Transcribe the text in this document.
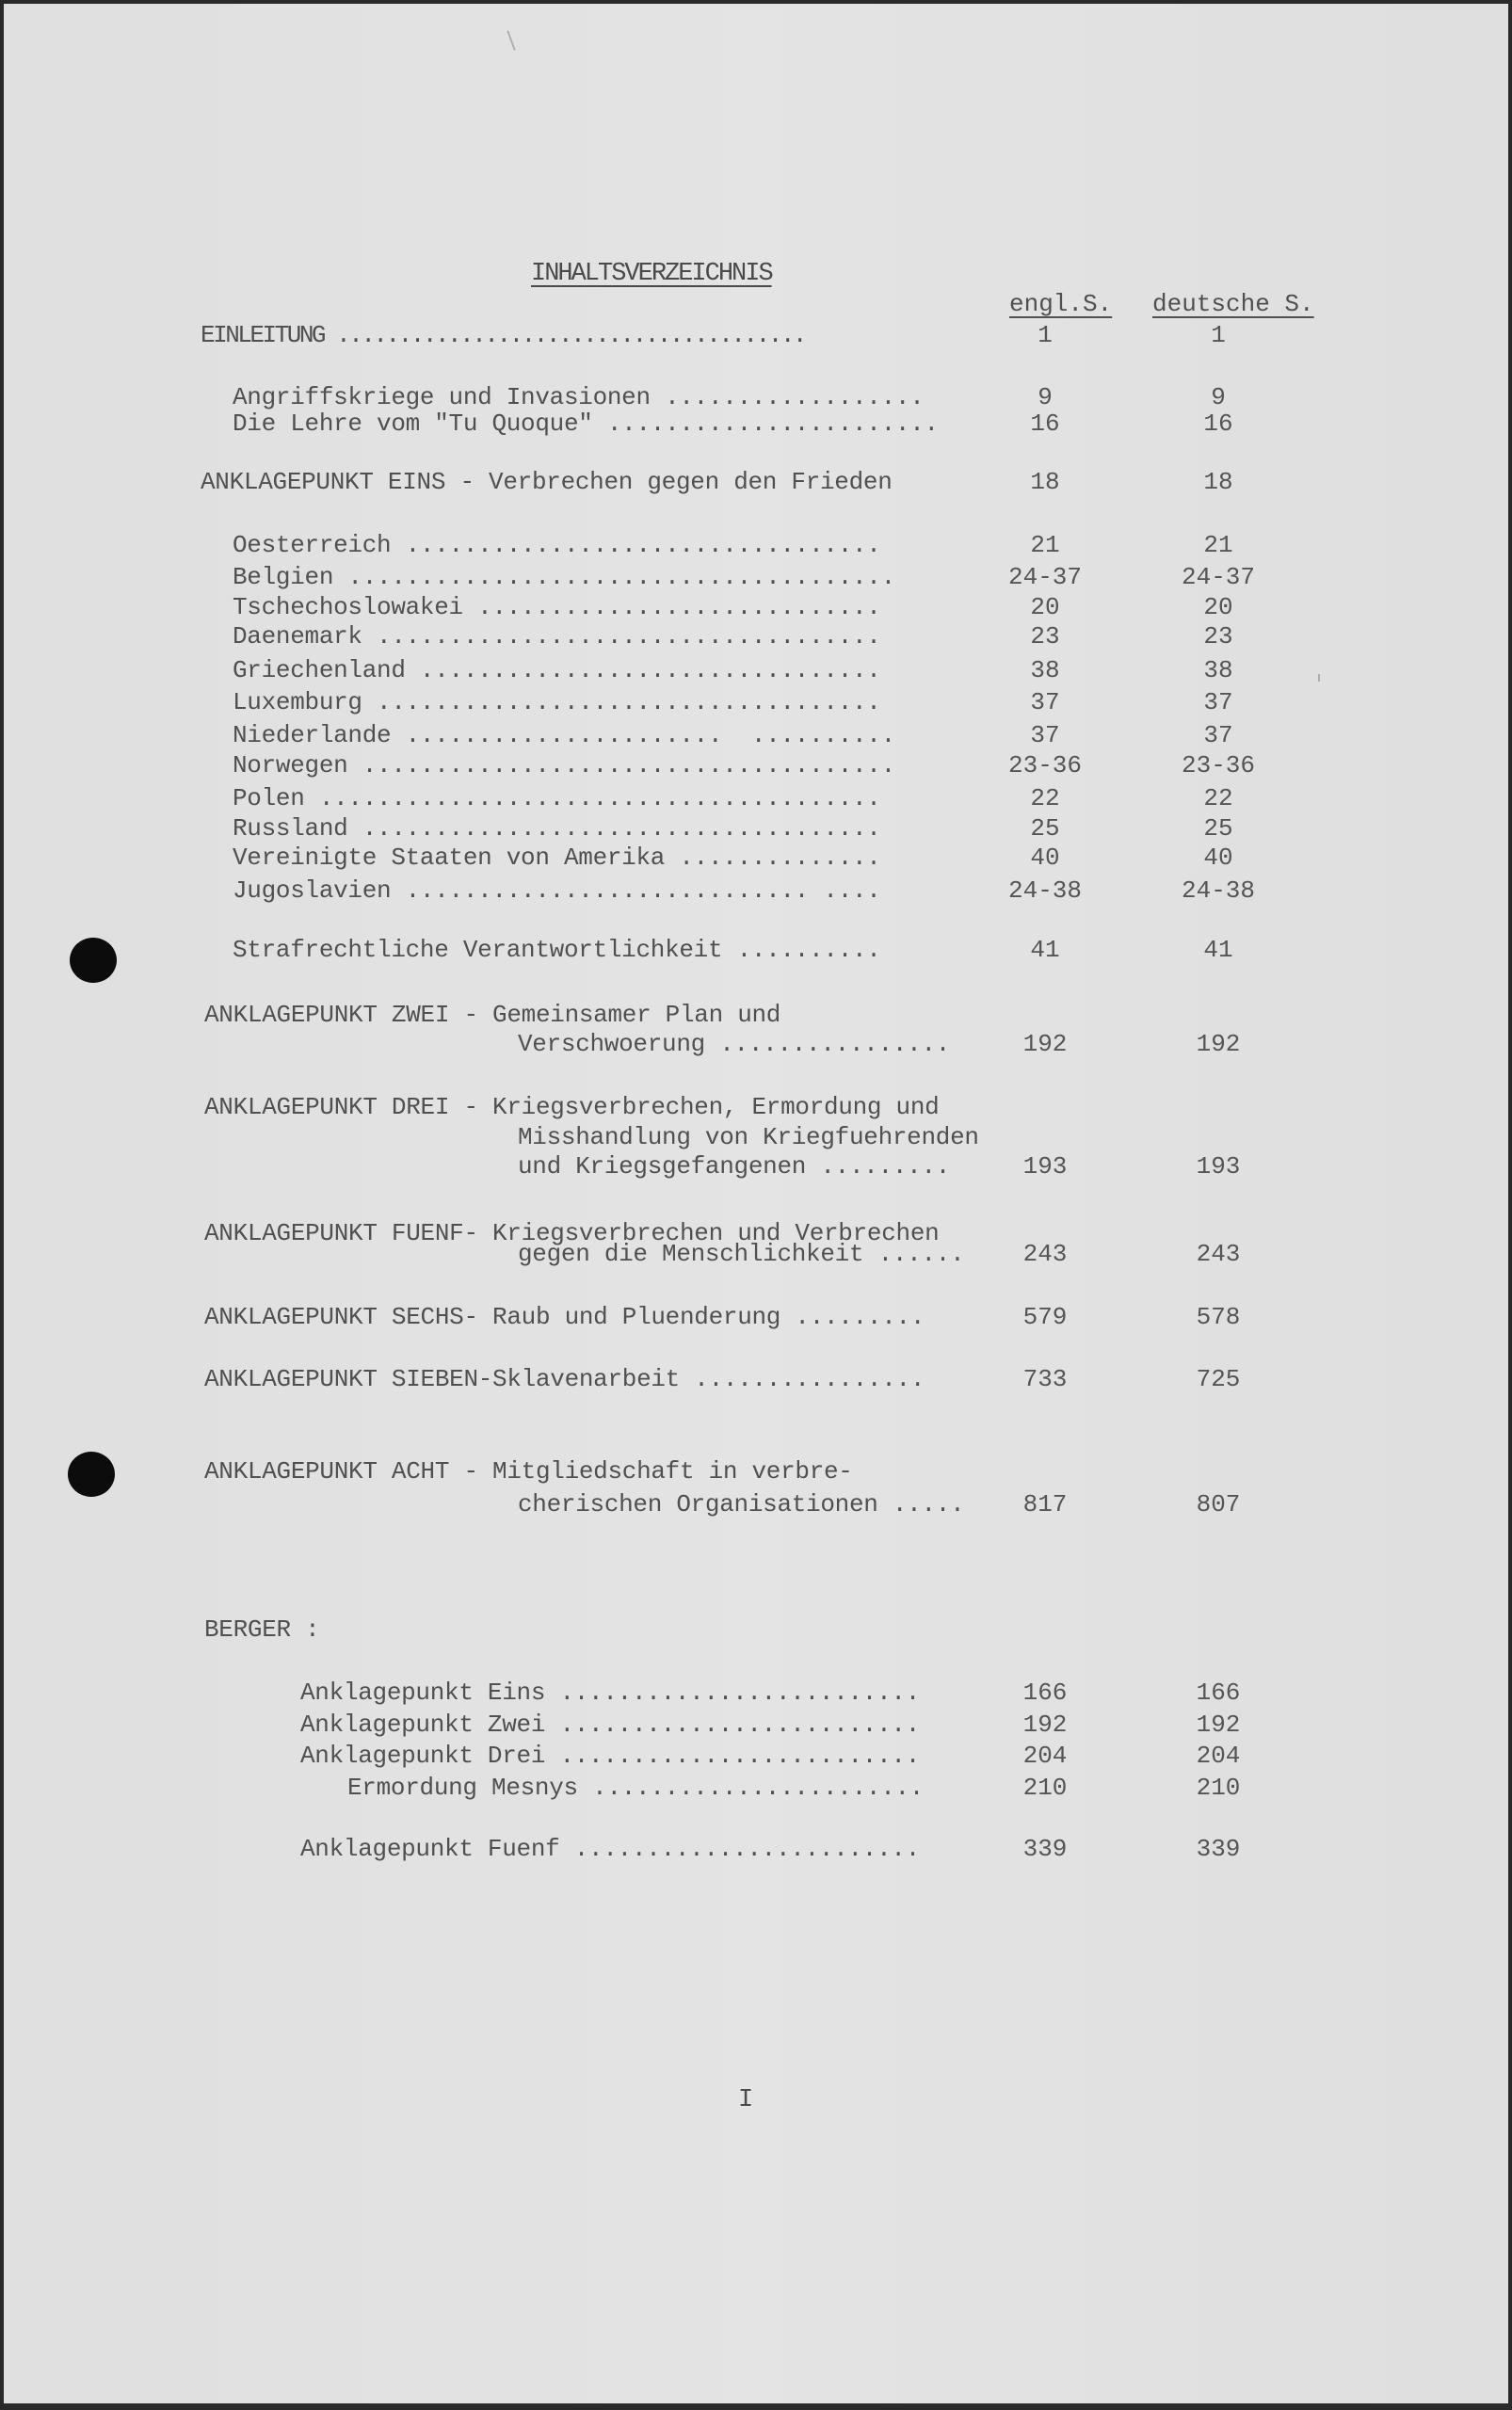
INHALTSVERZEICHNIS
engl.S. deutsche S.
EINLEITUNG ......................................	1	1
Angriffskriege und Invasionen ..................	9	9
Die Lehre vom "Tu Quoque" .......................	16	16
ANKLAGEPUNKT EINS - Verbrechen gegen den Frieden	18	18
Oesterreich .................................	21	21
Belgien ......................................	24-37	24-37
Tschechoslowakei ............................	20	20
Daenemark ...................................	23	23
Griechenland ................................	38	38
Luxemburg ...................................	37	37
Niederlande ......................  ..........	37	37
Norwegen .....................................	23-36	23-36
Polen .......................................	22	22
Russland ....................................	25	25
Vereinigte Staaten von Amerika ..............	40	40
Jugoslavien ............................ ....	24-38	24-38
Strafrechtliche Verantwortlichkeit ..........	41	41
ANKLAGEPUNKT ZWEI - Gemeinsamer Plan und
Verschwoerung ................	192	192
ANKLAGEPUNKT DREI - Kriegsverbrechen, Ermordung und
Misshandlung von Kriegfuehrenden
und Kriegsgefangenen .........	193	193
ANKLAGEPUNKT FUENF- Kriegsverbrechen und Verbrechen
gegen die Menschlichkeit ......	243	243
ANKLAGEPUNKT SECHS- Raub und Pluenderung .........	579	578
ANKLAGEPUNKT SIEBEN-Sklavenarbeit ................	733	725
ANKLAGEPUNKT ACHT - Mitgliedschaft in verbre-
cherischen Organisationen .....	817	807
BERGER :
Anklagepunkt Eins .........................	166	166
Anklagepunkt Zwei .........................	192	192
Anklagepunkt Drei .........................	204	204
Ermordung Mesnys .......................	210	210
Anklagepunkt Fuenf ........................	339	339
I
